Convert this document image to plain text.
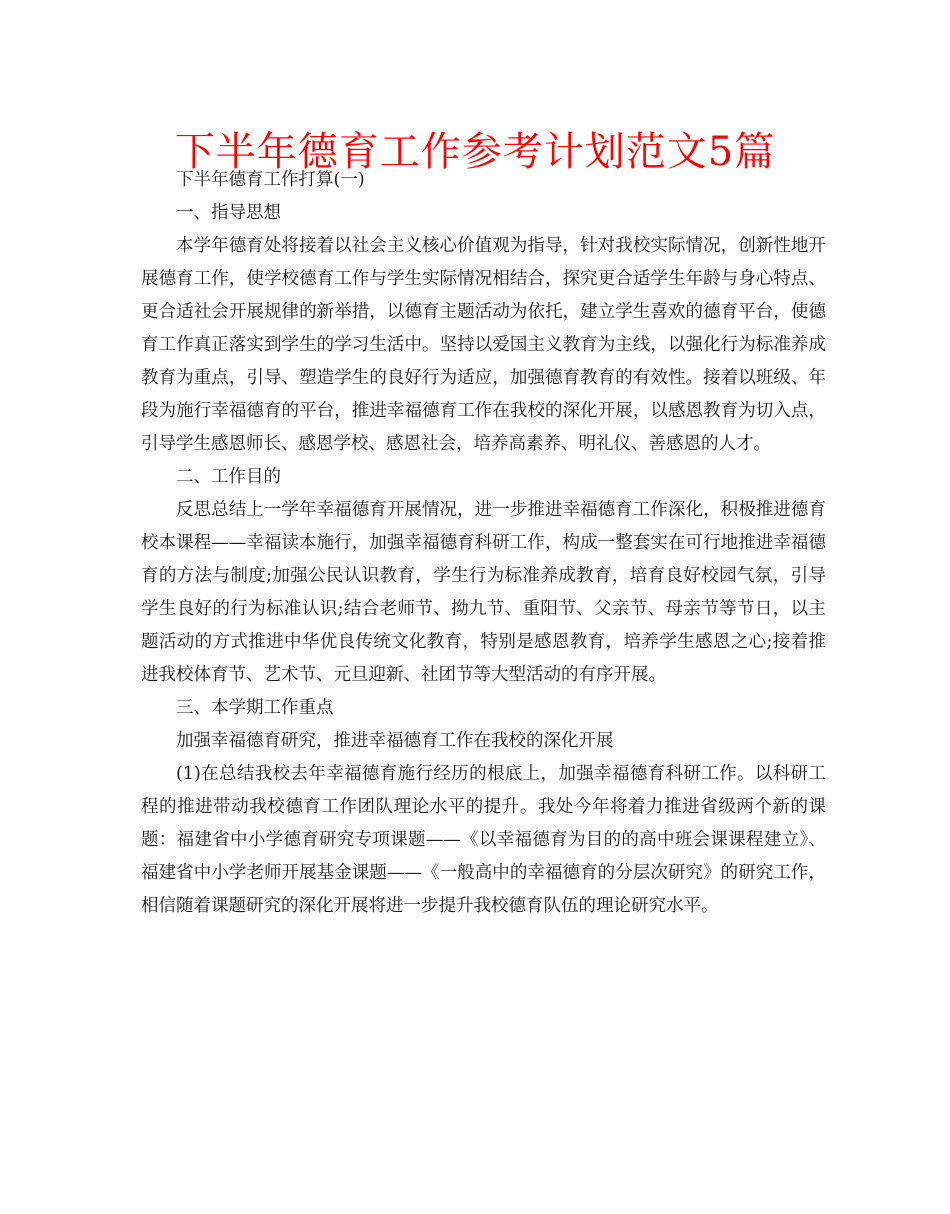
下半年德育工作参考计划范文5篇

下半年德育工作打算(一)

一、指导思想

本学年德育处将接着以社会主义核心价值观为指导，针对我校实际情况，创新性地开展德育工作，使学校德育工作与学生实际情况相结合，探究更合适学生年龄与身心特点、更合适社会开展规律的新举措，以德育主题活动为依托，建立学生喜欢的德育平台，使德育工作真正落实到学生的学习生活中。坚持以爱国主义教育为主线，以强化行为标准养成教育为重点，引导、塑造学生的良好行为适应，加强德育教育的有效性。接着以班级、年段为施行幸福德育的平台，推进幸福德育工作在我校的深化开展，以感恩教育为切入点，引导学生感恩师长、感恩学校、感恩社会，培养高素养、明礼仪、善感恩的人才。

二、工作目的

反思总结上一学年幸福德育开展情况，进一步推进幸福德育工作深化，积极推进德育校本课程——幸福读本施行，加强幸福德育科研工作，构成一整套实在可行地推进幸福德育的方法与制度;加强公民认识教育，学生行为标准养成教育，培育良好校园气氛，引导学生良好的行为标准认识;结合老师节、拗九节、重阳节、父亲节、母亲节等节日，以主题活动的方式推进中华优良传统文化教育，特别是感恩教育，培养学生感恩之心;接着推进我校体育节、艺术节、元旦迎新、社团节等大型活动的有序开展。

三、本学期工作重点

加强幸福德育研究，推进幸福德育工作在我校的深化开展

(1)在总结我校去年幸福德育施行经历的根底上，加强幸福德育科研工作。以科研工程的推进带动我校德育工作团队理论水平的提升。我处今年将着力推进省级两个新的课题：福建省中小学德育研究专项课题——《以幸福德育为目的的高中班会课课程建立》、福建省中小学老师开展基金课题——《一般高中的幸福德育的分层次研究》的研究工作，相信随着课题研究的深化开展将进一步提升我校德育队伍的理论研究水平。
